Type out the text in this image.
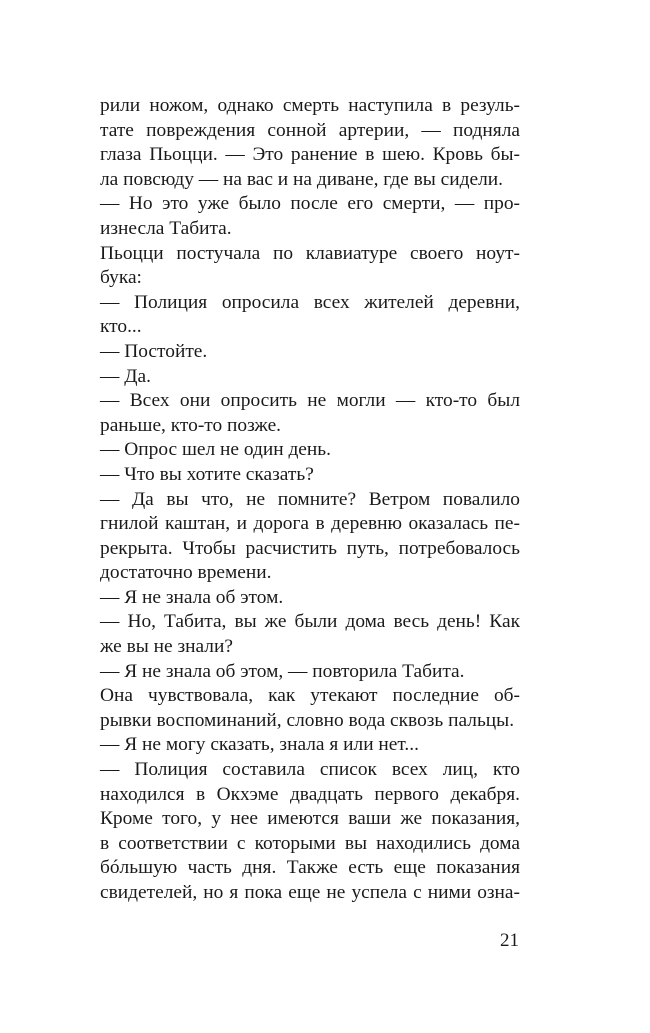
рили ножом, однако смерть наступила в резуль-
тате повреждения сонной артерии, — подняла
глаза Пьоцци. — Это ранение в шею. Кровь бы-
ла повсюду — на вас и на диване, где вы сидели.
— Но это уже было после его смерти, — про-
изнесла Табита.
Пьоцци постучала по клавиатуре своего ноут-
бука:
— Полиция опросила всех жителей деревни,
кто...
— Постойте.
— Да.
— Всех они опросить не могли — кто-то был
раньше, кто-то позже.
— Опрос шел не один день.
— Что вы хотите сказать?
— Да вы что, не помните? Ветром повалило
гнилой каштан, и дорога в деревню оказалась пе-
рекрыта. Чтобы расчистить путь, потребовалось
достаточно времени.
— Я не знала об этом.
— Но, Табита, вы же были дома весь день! Как
же вы не знали?
— Я не знала об этом, — повторила Табита.
Она чувствовала, как утекают последние об-
рывки воспоминаний, словно вода сквозь пальцы.
— Я не могу сказать, знала я или нет...
— Полиция составила список всех лиц, кто
находился в Окхэме двадцать первого декабря.
Кроме того, у нее имеются ваши же показания,
в соответствии с которыми вы находились дома
бóльшую часть дня. Также есть еще показания
свидетелей, но я пока еще не успела с ними озна-
21
